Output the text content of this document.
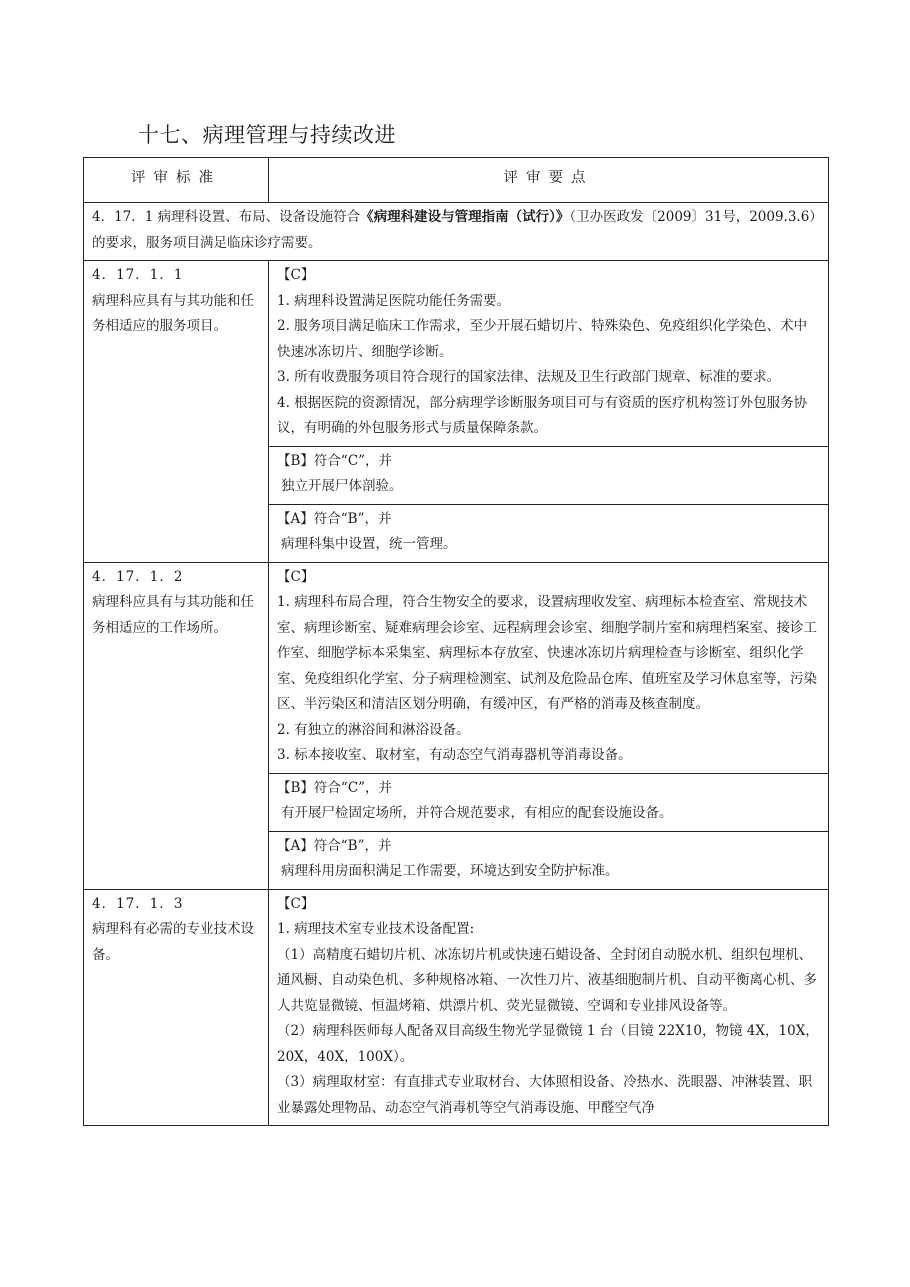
十七、病理管理与持续改进
评审标准	评审要点
4．17．1 病理科设置、布局、设备设施符合《病理科建设与管理指南（试行）》（卫办医政发〔2009〕31号，2009.3.6）的要求，服务项目满足临床诊疗需要。	

4．17．1．1
病理科应具有与其功能和任务相适应的服务项目。	【C】
1. 病理科设置满足医院功能任务需要。
2. 服务项目满足临床工作需求，至少开展石蜡切片、特殊染色、免疫组织化学染色、术中快速冰冻切片、细胞学诊断。
3. 所有收费服务项目符合现行的国家法律、法规及卫生行政部门规章、标准的要求。
4. 根据医院的资源情况，部分病理学诊断服务项目可与有资质的医疗机构签订外包服务协议，有明确的外包服务形式与质量保障条款。

	【B】符合“C”，并
独立开展尸体剖验。

	【A】符合“B”，并
病理科集中设置，统一管理。

4．17．1．2
病理科应具有与其功能和任务相适应的工作场所。	【C】
1. 病理科布局合理，符合生物安全的要求，设置病理收发室、病理标本检查室、常规技术室、病理诊断室、疑难病理会诊室、远程病理会诊室、细胞学制片室和病理档案室、接诊工作室、细胞学标本采集室、病理标本存放室、快速冰冻切片病理检查与诊断室、组织化学室、免疫组织化学室、分子病理检测室、试剂及危险品仓库、值班室及学习休息室等，污染区、半污染区和清洁区划分明确，有缓冲区，有严格的消毒及核查制度。
2. 有独立的淋浴间和淋浴设备。
3. 标本接收室、取材室，有动态空气消毒器机等消毒设备。

	【B】符合“C”，并
有开展尸检固定场所，并符合规范要求，有相应的配套设施设备。

	【A】符合“B”，并
病理科用房面积满足工作需要，环境达到安全防护标准。

4．17．1．3
病理科有必需的专业技术设备。	【C】
1. 病理技术室专业技术设备配置:
（1）高精度石蜡切片机、冰冻切片机或快速石蜡设备、全封闭自动脱水机、组织包埋机、通风橱、自动染色机、多种规格冰箱、一次性刀片、液基细胞制片机、自动平衡离心机、多人共览显微镜、恒温烤箱、烘漂片机、荧光显微镜、空调和专业排风设备等。
（2）病理科医师每人配备双目高级生物光学显微镜 1 台（目镜 22X10，物镜 4X，10X，20X，40X，100X）。
（3）病理取材室：有直排式专业取材台、大体照相设备、冷热水、洗眼器、冲淋装置、职业暴露处理物品、动态空气消毒机等空气消毒设施、甲醛空气净
